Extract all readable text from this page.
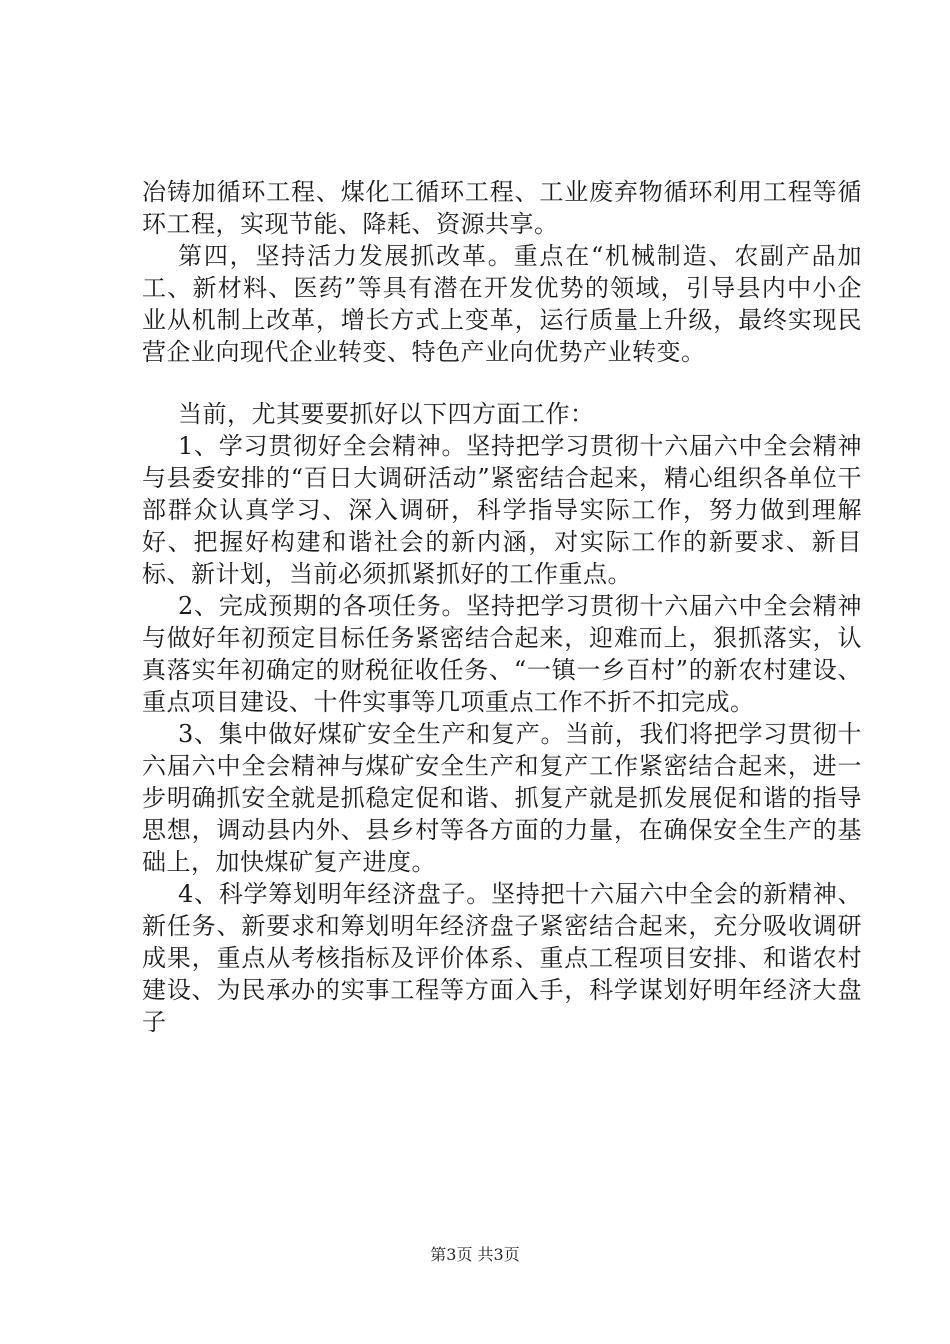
冶铸加循环工程、煤化工循环工程、工业废弃物循环利用工程等循环工程，实现节能、降耗、资源共享。

第四，坚持活力发展抓改革。重点在“机械制造、农副产品加工、新材料、医药”等具有潜在开发优势的领域，引导县内中小企业从机制上改革，增长方式上变革，运行质量上升级，最终实现民营企业向现代企业转变、特色产业向优势产业转变。

当前，尤其要要抓好以下四方面工作：

1、学习贯彻好全会精神。坚持把学习贯彻十六届六中全会精神与县委安排的“百日大调研活动”紧密结合起来，精心组织各单位干部群众认真学习、深入调研，科学指导实际工作，努力做到理解好、把握好构建和谐社会的新内涵，对实际工作的新要求、新目标、新计划，当前必须抓紧抓好的工作重点。

2、完成预期的各项任务。坚持把学习贯彻十六届六中全会精神与做好年初预定目标任务紧密结合起来，迎难而上，狠抓落实，认真落实年初确定的财税征收任务、“一镇一乡百村”的新农村建设、重点项目建设、十件实事等几项重点工作不折不扣完成。

3、集中做好煤矿安全生产和复产。当前，我们将把学习贯彻十六届六中全会精神与煤矿安全生产和复产工作紧密结合起来，进一步明确抓安全就是抓稳定促和谐、抓复产就是抓发展促和谐的指导思想，调动县内外、县乡村等各方面的力量，在确保安全生产的基础上，加快煤矿复产进度。

4、科学筹划明年经济盘子。坚持把十六届六中全会的新精神、新任务、新要求和筹划明年经济盘子紧密结合起来，充分吸收调研成果，重点从考核指标及评价体系、重点工程项目安排、和谐农村建设、为民承办的实事工程等方面入手，科学谋划好明年经济大盘子

第3页 共3页
